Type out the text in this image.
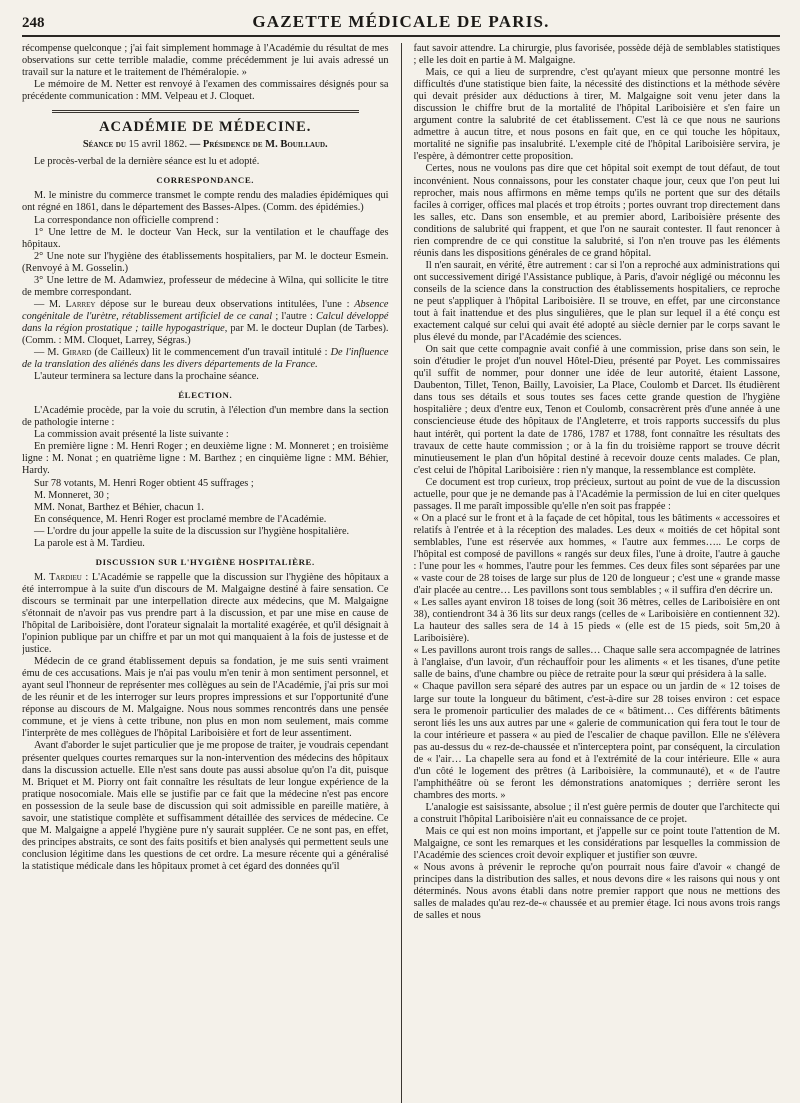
248	GAZETTE MÉDICALE DE PARIS.

récompense quelconque ; j'ai fait simplement hommage à l'Académie du résultat de mes observations sur cette terrible maladie, comme précédemment je lui avais adressé un travail sur la nature et le traitement de l'héméralopie. »

Le mémoire de M. Netter est renvoyé à l'examen des commissaires désignés pour sa précédente communication : MM. Velpeau et J. Cloquet.

ACADÉMIE DE MÉDECINE.
Séance du 15 avril 1862. — Présidence de M. Bouillaud.

Le procès-verbal de la dernière séance est lu et adopté.

CORRESPONDANCE.

M. le ministre du commerce transmet le compte rendu des maladies épidémiques qui ont régné en 1861, dans le département des Basses-Alpes. (Comm. des épidémies.)

La correspondance non officielle comprend :

1° Une lettre de M. le docteur Van Heck, sur la ventilation et le chauffage des hôpitaux.

2° Une note sur l'hygiène des établissements hospitaliers, par M. le docteur Esmein. (Renvoyé à M. Gosselin.)

3° Une lettre de M. Adamwiez, professeur de médecine à Wilna, qui sollicite le titre de membre correspondant.

— M. Larrey dépose sur le bureau deux observations intitulées, l'une : Absence congénitale de l'urètre, rétablissement artificiel de ce canal ; l'autre : Calcul développé dans la région prostatique ; taille hypogastrique, par M. le docteur Duplan (de Tarbes). (Comm. : MM. Cloquet, Larrey, Ségras.)

— M. Girard (de Cailleux) lit le commencement d'un travail intitulé : De l'influence de la translation des aliénés dans les divers départements de la France.

L'auteur terminera sa lecture dans la prochaine séance.

ÉLECTION.

L'Académie procède, par la voie du scrutin, à l'élection d'un membre dans la section de pathologie interne :

La commission avait présenté la liste suivante :

En première ligne : M. Henri Roger ; en deuxième ligne : M. Monneret ; en troisième ligne : M. Nonat ; en quatrième ligne : M. Barthez ; en cinquième ligne : MM. Béhier, Hardy.

Sur 78 votants, M. Henri Roger obtient 45 suffrages ;

M. Monneret, 30 ;

MM. Nonat, Barthez et Béhier, chacun 1.

En conséquence, M. Henri Roger est proclamé membre de l'Académie.

— L'ordre du jour appelle la suite de la discussion sur l'hygiène hospitalière.

La parole est à M. Tardieu.

DISCUSSION SUR L'HYGIÈNE HOSPITALIÈRE.

M. Tardieu : L'Académie se rappelle que la discussion sur l'hygiène des hôpitaux a été interrompue à la suite d'un discours de M. Malgaigne destiné à faire sensation. Ce discours se terminait par une interpellation directe aux médecins, que M. Malgaigne s'étonnait de n'avoir pas vus prendre part à la discussion, et par une mise en cause de l'hôpital de Lariboisière, dont l'orateur signalait la mortalité exagérée, et qu'il désignait à l'opinion publique par un chiffre et par un mot qui manquaient à la fois de justesse et de justice.

Médecin de ce grand établissement depuis sa fondation, je me suis senti vraiment ému de ces accusations. Mais je n'ai pas voulu m'en tenir à mon sentiment personnel, et ayant seul l'honneur de représenter mes collègues au sein de l'Académie, j'ai pris sur moi de les réunir et de les interroger sur leurs propres impressions et sur l'opportunité d'une réponse au discours de M. Malgaigne. Nous nous sommes rencontrés dans une pensée commune, et je viens à cette tribune, non plus en mon nom seulement, mais comme l'interprète de mes collègues de l'hôpital Lariboisière et fort de leur assentiment.

Avant d'aborder le sujet particulier que je me propose de traiter, je voudrais cependant présenter quelques courtes remarques sur la non-intervention des médecins des hôpitaux dans la discussion actuelle. Elle n'est sans doute pas aussi absolue qu'on l'a dit, puisque M. Briquet et M. Piorry ont fait connaître les résultats de leur longue expérience de la pratique nosocomiale. Mais elle se justifie par ce fait que la médecine n'est pas encore en possession de la seule base de discussion qui soit admissible en pareille matière, à savoir, une statistique complète et suffisamment détaillée des services de médecine. Ce que M. Malgaigne a appelé l'hygiène pure n'y saurait suppléer. Ce ne sont pas, en effet, des principes abstraits, ce sont des faits positifs et bien analysés qui permettent seuls une conclusion légitime dans les questions de cet ordre. La mesure récente qui a généralisé la statistique médicale dans les hôpitaux promet à cet égard des données qu'il

faut savoir attendre. La chirurgie, plus favorisée, possède déjà de semblables statistiques ; elle les doit en partie à M. Malgaigne.

Mais, ce qui a lieu de surprendre, c'est qu'ayant mieux que personne montré les difficultés d'une statistique bien faite, la nécessité des distinctions et la méthode sévère qui devait présider aux déductions à tirer, M. Malgaigne soit venu jeter dans la discussion le chiffre brut de la mortalité de l'hôpital Lariboisière et s'en faire un argument contre la salubrité de cet établissement. C'est là ce que nous ne saurions admettre à aucun titre, et nous posons en fait que, en ce qui touche les hôpitaux, mortalité ne signifie pas insalubrité. L'exemple cité de l'hôpital Lariboisière servira, je l'espère, à démontrer cette proposition.

Certes, nous ne voulons pas dire que cet hôpital soit exempt de tout défaut, de tout inconvénient. Nous connaissons, pour les constater chaque jour, ceux que l'on peut lui reprocher, mais nous affirmons en même temps qu'ils ne portent que sur des détails faciles à corriger, offices mal placés et trop étroits ; portes ouvrant trop directement dans les salles, etc. Dans son ensemble, et au premier abord, Lariboisière présente des conditions de salubrité qui frappent, et que l'on ne saurait contester. Il faut renoncer à rien comprendre de ce qui constitue la salubrité, si l'on n'en trouve pas les éléments réunis dans les dispositions générales de ce grand hôpital.

Il n'en saurait, en vérité, être autrement : car si l'on a reproché aux administrations qui ont successivement dirigé l'Assistance publique, à Paris, d'avoir négligé ou méconnu les conseils de la science dans la construction des établissements hospitaliers, ce reproche ne peut s'appliquer à l'hôpital Lariboisière. Il se trouve, en effet, par une circonstance tout à fait inattendue et des plus singulières, que le plan sur lequel il a été conçu est exactement calqué sur celui qui avait été adopté au siècle dernier par le corps savant le plus élevé du monde, par l'Académie des sciences.

On sait que cette compagnie avait confié à une commission, prise dans son sein, le soin d'étudier le projet d'un nouvel Hôtel-Dieu, présenté par Poyet. Les commissaires qu'il suffit de nommer, pour donner une idée de leur autorité, étaient Lassone, Daubenton, Tillet, Tenon, Bailly, Lavoisier, La Place, Coulomb et Darcet. Ils étudièrent dans tous ses détails et sous toutes ses faces cette grande question de l'hygiène hospitalière ; deux d'entre eux, Tenon et Coulomb, consacrèrent près d'une année à une consciencieuse étude des hôpitaux de l'Angleterre, et trois rapports successifs du plus haut intérêt, qui portent la date de 1786, 1787 et 1788, font connaître les résultats des travaux de cette haute commission ; or à la fin du troisième rapport se trouve décrit minutieusement le plan d'un hôpital destiné à recevoir douze cents malades. Ce plan, c'est celui de l'hôpital Lariboisière : rien n'y manque, la ressemblance est complète.

Ce document est trop curieux, trop précieux, surtout au point de vue de la discussion actuelle, pour que je ne demande pas à l'Académie la permission de lui en citer quelques passages. Il me paraît impossible qu'elle n'en soit pas frappée :

« On a placé sur le front et à la façade de cet hôpital, tous les bâtiments « accessoires et relatifs à l'entrée et à la réception des malades. Les deux « moitiés de cet hôpital sont semblables, l'une est réservée aux hommes, « l'autre aux femmes….. Le corps de l'hôpital est composé de pavillons « rangés sur deux files, l'une à droite, l'autre à gauche : l'une pour les « hommes, l'autre pour les femmes. Ces deux files sont séparées par une « vaste cour de 28 toises de large sur plus de 120 de longueur ; c'est une « grande masse d'air placée au centre… Les pavillons sont tous semblables ; « il suffira d'en décrire un.

« Les salles ayant environ 18 toises de long (soit 36 mètres, celles de Lariboisière en ont 38), contiendront 34 à 36 lits sur deux rangs (celles de « Lariboisière en contiennent 32). La hauteur des salles sera de 14 à 15 pieds « (elle est de 15 pieds, soit 5m,20 à Lariboisière).

« Les pavillons auront trois rangs de salles… Chaque salle sera accompagnée de latrines à l'anglaise, d'un lavoir, d'un réchauffoir pour les aliments « et les tisanes, d'une petite salle de bains, d'une chambre ou pièce de retraite pour la sœur qui présidera à la salle.

« Chaque pavillon sera séparé des autres par un espace ou un jardin de « 12 toises de large sur toute la longueur du bâtiment, c'est-à-dire sur 28 toises environ : cet espace sera le promenoir particulier des malades de ce « bâtiment… Ces différents bâtiments seront liés les uns aux autres par une « galerie de communication qui fera tout le tour de la cour intérieure et passera « au pied de l'escalier de chaque pavillon. Elle ne s'élèvera pas au-dessus du « rez-de-chaussée et n'interceptera point, par conséquent, la circulation de « l'air… La chapelle sera au fond et à l'extrémité de la cour intérieure. Elle « aura d'un côté le logement des prêtres (à Lariboisière, la communauté), et « de l'autre l'amphithéâtre où se feront les démonstrations anatomiques ; derrière seront les chambres des morts. »

L'analogie est saisissante, absolue ; il n'est guère permis de douter que l'architecte qui a construit l'hôpital Lariboisière n'ait eu connaissance de ce projet.

Mais ce qui est non moins important, et j'appelle sur ce point toute l'attention de M. Malgaigne, ce sont les remarques et les considérations par lesquelles la commission de l'Académie des sciences croit devoir expliquer et justifier son œuvre.

« Nous avons à prévenir le reproche qu'on pourrait nous faire d'avoir « changé de principes dans la distribution des salles, et nous devons dire « les raisons qui nous y ont déterminés. Nous avons établi dans notre premier rapport que nous ne mettions des salles de malades qu'au rez-de-« chaussée et au premier étage. Ici nous avons trois rangs de salles et nous
